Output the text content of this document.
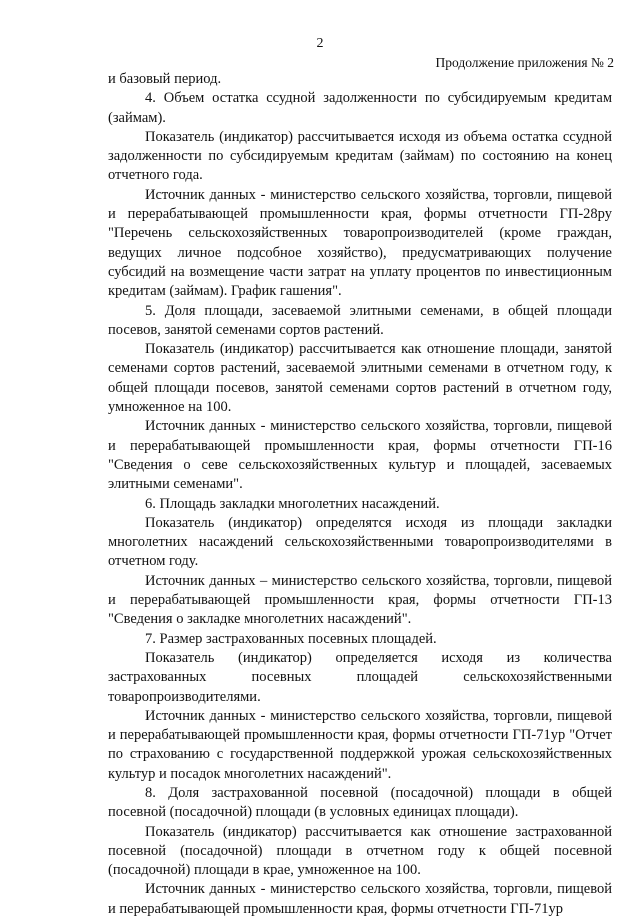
2
Продолжение приложения № 2

и базовый период.

4. Объем остатка ссудной задолженности по субсидируемым кредитам (займам).

Показатель (индикатор) рассчитывается исходя из объема остатка ссудной задолженности по субсидируемым кредитам (займам) по состоянию на конец отчетного года.

Источник данных - министерство сельского хозяйства, торговли, пищевой и перерабатывающей промышленности края, формы отчетности ГП-28ру "Перечень сельскохозяйственных товаропроизводителей (кроме граждан, ведущих личное подсобное хозяйство), предусматривающих получение субсидий на возмещение части затрат на уплату процентов по инвестиционным кредитам (займам). График гашения".

5. Доля площади, засеваемой элитными семенами, в общей площади посевов, занятой семенами сортов растений.

Показатель (индикатор) рассчитывается как отношение площади, занятой семенами сортов растений, засеваемой элитными семенами в отчетном году, к общей площади посевов, занятой семенами сортов растений в отчетном году, умноженное на 100.

Источник данных - министерство сельского хозяйства, торговли, пищевой и перерабатывающей промышленности края, формы отчетности ГП-16 "Сведения о севе сельскохозяйственных культур и площадей, засеваемых элитными семенами".

6. Площадь закладки многолетних насаждений.

Показатель (индикатор) определятся исходя из площади закладки многолетних насаждений сельскохозяйственными товаропроизводителями в отчетном году.

Источник данных – министерство сельского хозяйства, торговли, пищевой и перерабатывающей промышленности края, формы отчетности ГП-13 "Сведения о закладке многолетних насаждений".

7. Размер застрахованных посевных площадей.

Показатель (индикатор) определяется исходя из количества застрахованных посевных площадей сельскохозяйственными товаропроизводителями.

Источник данных - министерство сельского хозяйства, торговли, пищевой и перерабатывающей промышленности края, формы отчетности ГП-71ур "Отчет по страхованию с государственной поддержкой урожая сельскохозяйственных культур и посадок многолетних насаждений".

8. Доля застрахованной посевной (посадочной) площади в общей посевной (посадочной) площади (в условных единицах площади).

Показатель (индикатор) рассчитывается как отношение застрахованной посевной (посадочной) площади в отчетном году к общей посевной (посадочной) площади в крае, умноженное на 100.

Источник данных - министерство сельского хозяйства, торговли, пищевой и перерабатывающей промышленности края, формы отчетности ГП-71ур
